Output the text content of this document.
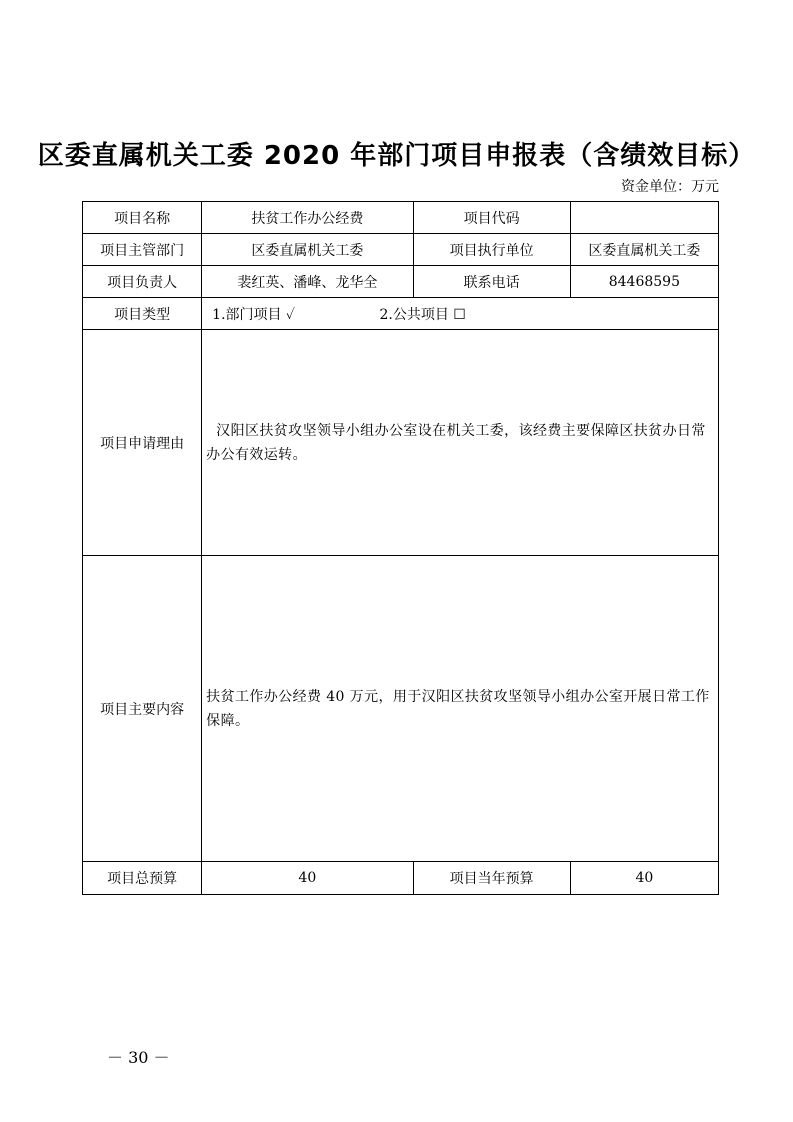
区委直属机关工委 2020 年部门项目申报表（含绩效目标）
资金单位：万元
项目名称	扶贫工作办公经费	项目代码	
项目主管部门	区委直属机关工委	项目执行单位	区委直属机关工委
项目负责人	裴红英、潘峰、龙华全	联系电话	84468595
项目类型	1.部门项目 ✓ 2.公共项目 ☐		
项目申请理由	汉阳区扶贫攻坚领导小组办公室设在机关工委，该经费主要保障区扶贫办日常办公有效运转。		

项目主要内容	扶贫工作办公经费 40 万元，用于汉阳区扶贫攻坚领导小组办公室开展日常工作保障。		
项目总预算	40	项目当年预算	40
－ 30 －
